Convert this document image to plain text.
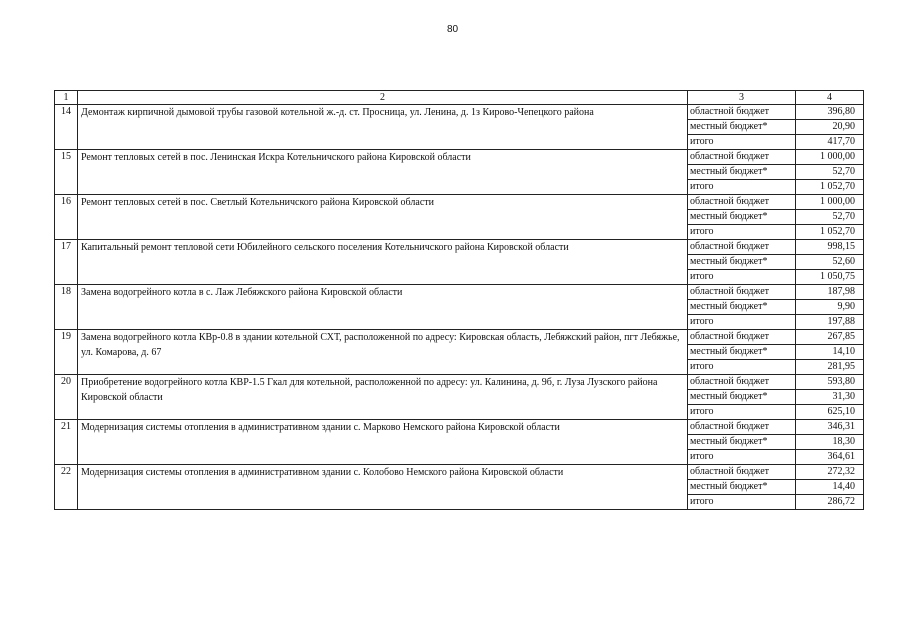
80
1	2	3	4
14	Демонтаж кирпичной дымовой трубы газовой котельной ж.-д. ст. Просница, ул. Ленина, д. 1з Кирово-Чепецкого района	областной бюджет	396,80
		местный бюджет*	20,90
		итого	417,70
15	Ремонт тепловых сетей в пос. Ленинская Искра Котельничского района Кировской области	областной бюджет	1 000,00
		местный бюджет*	52,70
		итого	1 052,70
16	Ремонт тепловых сетей в пос. Светлый Котельничского района Кировской области	областной бюджет	1 000,00
		местный бюджет*	52,70
		итого	1 052,70
17	Капитальный ремонт тепловой сети Юбилейного сельского поселения Котельничского района Кировской области	областной бюджет	998,15
		местный бюджет*	52,60
		итого	1 050,75
18	Замена водогрейного котла в с. Лаж Лебяжского района Кировской области	областной бюджет	187,98
		местный бюджет*	9,90
		итого	197,88
19	Замена водогрейного котла КВр-0.8 в здании котельной СХТ, расположенной по адресу: Кировская область, Лебяжский район, пгт Лебяжье, ул. Комарова, д. 67	областной бюджет	267,85
		местный бюджет*	14,10
		итого	281,95
20	Приобретение водогрейного котла КВР-1.5 Гкал для котельной, расположенной по адресу: ул. Калинина, д. 9б, г. Луза Лузского района Кировской области	областной бюджет	593,80
		местный бюджет*	31,30
		итого	625,10
21	Модернизация системы отопления в административном здании с. Марково Немского района Кировской области	областной бюджет	346,31
		местный бюджет*	18,30
		итого	364,61
22	Модернизация системы отопления в административном здании с. Колобово Немского района Кировской области	областной бюджет	272,32
		местный бюджет*	14,40
		итого	286,72
